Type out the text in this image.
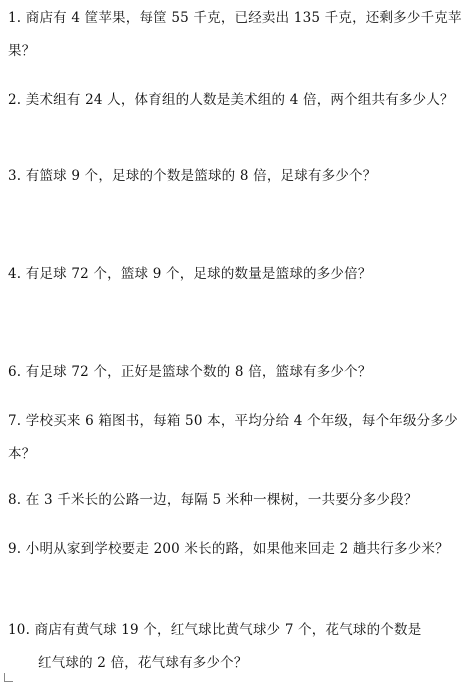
1. 商店有 4 筐苹果，每筐 55 千克，已经卖出 135 千克，还剩多少千克苹果？
2. 美术组有 24 人，体育组的人数是美术组的 4 倍，两个组共有多少人？
3. 有篮球 9 个，足球的个数是篮球的 8 倍，足球有多少个？
4. 有足球 72 个，篮球 9 个，足球的数量是篮球的多少倍？
6. 有足球 72 个，正好是篮球个数的 8 倍，篮球有多少个？
7. 学校买来 6 箱图书，每箱 50 本，平均分给 4 个年级，每个年级分多少本？
8. 在 3 千米长的公路一边，每隔 5 米种一棵树，一共要分多少段？
9. 小明从家到学校要走 200 米长的路，如果他来回走 2 趟共行多少米？
10. 商店有黄气球 19 个，红气球比黄气球少 7 个，花气球的个数是
红气球的 2 倍，花气球有多少个？
